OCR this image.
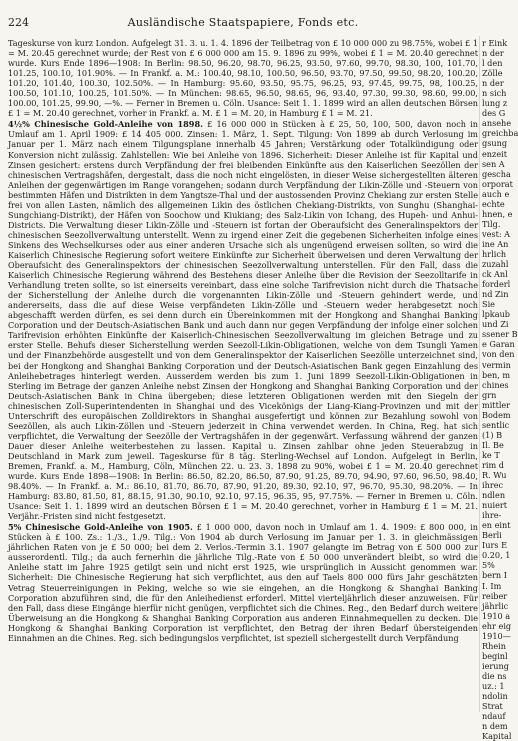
224	Ausländische Staatspapiere, Fonds etc.

Tageskurse von kurz London. Aufgelegt 31. 3. u. 1. 4. 1896 der Teilbetrag von £ 10 000 000 zu 98.75%, wobei £ 1 = M. 20.45 gerechnet wurde; der Rest von £ 6 000 000 am 15. 9. 1896 zu 99%, wobei £ 1 = M. 20.40 gerechnet wurde. Kurs Ende 1896—1908: In Berlin: 98.50, 96.20, 98.70, 96.25, 93.50, 97.60, 99.70, 98.30, 100, 101.70, 101.25, 100.10, 101.90%. — In Frankf. a. M.: 100.40, 98.10, 100.50, 96.50, 93.70, 97.50, 99.50, 98.20, 100.20, 101.20, 101.40, 100.30, 102.50%. — In Hamburg: 95.60, 93.50, 95.75, 96.25, 93, 97.45, 99.75, 98, 100.25, 100.50, 101.10, 100.25, 101.50%. — In München: 98.65, 96.50, 98.65, 96, 93.40, 97.30, 99.30, 98.60, 99.00, 100.00, 101.25, 99.90, —%. — Ferner in Bremen u. Cöln. Usance: Seit 1. 1. 1899 wird an allen deutschen Börsen £ 1 = M. 20.40 gerechnet, vorher in Frankf. a. M. £ 1 = M. 20, in Hamburg £ 1 = M. 21.

4½% Chinesische Gold-Anleihe von 1898. £ 16 000 000 in Stücken à £ 25, 50, 100, 500, davon noch in Umlauf am 1. April 1909: £ 14 405 000. Zinsen: 1. März, 1. Sept. Tilgung: Von 1899 ab durch Verlosung im Januar per 1. März nach einem Tilgungsplane innerhalb 45 Jahren; Verstärkung oder Totalkündigung oder Konversion nicht zulässig. Zahlstellen: Wie bei Anleihe von 1896. Sicherheit: Dieser Anleihe ist für Kapital und Zinsen gesichert: erstens durch Verpfändung der frei bleibenden Einkünfte aus den Kaiserlichen Seezöllen der chinesischen Vertragshäfen, dergestalt, dass die noch nicht eingelösten, in dieser Weise sichergestellten älteren Anleihen der gegenwärtigen im Range vorangehen; sodann durch Verpfändung der Likin-Zölle und -Steuern von bestimmten Häfen und Distrikten in dem Yangtsze-Thal und der austossenden Provinz Chekiang zur ersten Stelle frei von allen Lasten, nämlich des allgemeinen Likin des östlichen Chekiang-Distrikts, von Sunghu (Shanghai-Sungchiang-Distrikt), der Häfen von Soochow und Kiukiang; des Salz-Likin von Ichang, des Hupeh- und Anhui-Districts. Die Verwaltung dieser Likin-Zölle und -Steuern ist fortan der Oberaufsicht des Generalinspektors der chinesischen Seezollverwaltung unterstellt. Wenn zu irgend einer Zeit die gegebenen Sicherheiten infolge eines Sinkens des Wechselkurses oder aus einer anderen Ursache sich als ungenügend erweisen sollten, so wird die Kaiserlich Chinesische Regierung sofort weitere Einkünfte zur Sicherheit überweisen und deren Verwaltung der Oberaufsicht des Generalinspektors der chinesischen Seezollverwaltung unterstellen. Für den Fall, dass die Kaiserlich Chinesische Regierung während des Bestehens dieser Anleihe über die Revision der Seezolltarife in Verhandlung treten sollte, so ist einerseits vereinbart, dass eine solche Tarifrevision nicht durch die Thatsache der Sicherstellung der Anleihe durch die vorgenannten Likin-Zölle und -Steuern gehindert werde, und andererseits, dass die auf diese Weise verpfändeten Likin-Zölle und -Steuern weder herabgesetzt noch abgeschafft werden dürfen, es sei denn durch ein Übereinkommen mit der Hongkong and Shanghai Banking Corporation und der Deutsch-Asiatischen Bank und auch dann nur gegen Verpfändung der infolge einer solchen Tarifrevision erhöhten Einkünfte der Kaiserlich-Chinesischen Seezollverwaltung im gleichen Betrage und zu erster Stelle. Behufs dieser Sicherstellung werden Seezoll-Likin-Obligationen, welche von dem Tsungli Yamen und der Finanzbehörde ausgestellt und von dem Generalinspektor der Kaiserlichen Seezölle unterzeichnet sind, bei der Hongkong and Shanghai Banking Corporation und der Deutsch-Asiatischen Bank gegen Einzahlung des Anleihebetrages hinterlegt werden. Ausserdem werden bis zum 1. Juni 1899 Seezoll-Likin-Obligationen in Sterling im Betrage der ganzen Anleihe nebst Zinsen der Hongkong and Shanghai Banking Corporation und der Deutsch-Asiatischen Bank in China übergeben; diese letzteren Obligationen werden mit den Siegeln der chinesischen Zoll-Superintendenten in Shanghai und des Vicekönigs der Liang-Kiang-Provinzen und mit der Unterschrift des europäischen Zolldirektors in Shanghai ausgefertigt und können zur Bezahlung sowohl von Seezöllen, als auch Likin-Zöllen und -Steuern jederzeit in China verwendet werden. In China, Reg. hat sich verpflichtet, die Verwaltung der Seezölle der Vertragshäfen in der gegenwärt. Verfassung während der ganzen Dauer dieser Anleihe weiterbestehen zu lassen. Kapital u. Zinsen zahlbar ohne jeden Steuerabzug in Deutschland in Mark zum jeweil. Tageskurse für 8 täg. Sterling-Wechsel auf London. Aufgelegt in Berlin, Bremen, Frankf. a. M., Hamburg, Cöln, München 22. u. 23. 3. 1898 zu 90%, wobei £ 1 = M. 20.40 gerechnet wurde. Kurs Ende 1898—1908: In Berlin: 86.50, 82.20, 86.50, 87.90, 91.25, 89.70, 94.90, 97.60, 96.50, 98.40, 98.40%. — In Frankf. a. M.: 86.10, 81.70, 86.70, 87.90, 91.20, 89.30, 92.10, 97, 96.70, 95.30, 98.20%. — In Hamburg: 83.80, 81.50, 81, 88.15, 91.30, 90.10, 92.10, 97.15, 96.35, 95, 97.75%. — Ferner in Bremen u. Cöln. Usance: Seit 1. 1. 1899 wird an deutschen Börsen £ 1 = M. 20.40 gerechnet, vorher in Hamburg £ 1 = M. 21. Verjähr.-Fristen sind nicht festgesetzt.

5% Chinesische Gold-Anleihe von 1905. £ 1 000 000, davon noch in Umlauf am 1. 4. 1909: £ 800 000, in Stücken à £ 100. Zs.: 1./3., 1./9. Tilg.: Von 1904 ab durch Verlosung im Januar per 1. 3. in gleichmässigen jährlichen Raten von je £ 50 000; bei dem 2. Verlos.-Termin 3.1. 1907 gelangte im Betrag von £ 500 000 zur ausserordentl. Tilg.; da auch fernerhin die jährliche Tilg.-Rate von £ 50 000 unverändert bleibt, so wird die Anleihe statt im Jahre 1925 getilgt sein und nicht erst 1925, wie ursprünglich in Aussicht genommen war. Sicherheit: Die Chinesische Regierung hat sich verpflichtet, aus den auf Taels 800 000 fürs Jahr geschätzten Vetrag Steuerreinigungen in Peking, welche so wie sie eingehen, an die Hongkong & Shanghai Banking Corporation abzuführen sind, die für den Anleihedienst erforderl. Mittel vierteljährlich dieser anzuweisen. Für den Fall, dass diese Eingänge hierfür nicht genügen, verpflichtet sich die Chines. Reg., den Bedarf durch weitere Überweisung an die Hongkong & Shanghai Banking Corporation aus anderen Einnahmequellen zu decken. Die Hongkong & Shanghai Banking Corporation ist verpflichtet, den Betrag der ihren Bedarf übersteigenden Einnahmen an die Chines. Reg. sich bedingungslos verpflichtet, ist speziell sichergestellt durch Verpfändung

r Eink
n der
l den
Zölle
n der
n sich
lung z
des G
ansehe
greichba
gsung
enzeit
sen A
gescha
orporat
auch e
echte
hnen, e
Tilg.
vest: A
ine An
hrlich
zuzahl
ck Anl
forderl
nd Zin
Sie
lpkaub
und Zi
ssener B
e Garan
von den
vermin
ben, m
chines
grn
mittler
Bodem
sentlic
(1) B
Il. Be
ke T
rim d
R. Wu
ihrec
ndlen
nuiert
ihre-
en eint
Berli
Iurs E
0.20, 1
5%
bern I
I. Im
reiber
jährlic
1910 a
ehr eig
1910—
Rhein
beginl
ierung
die ns
uz.: 1
ndolin
Strat
ndauf
n dem
Kapital
